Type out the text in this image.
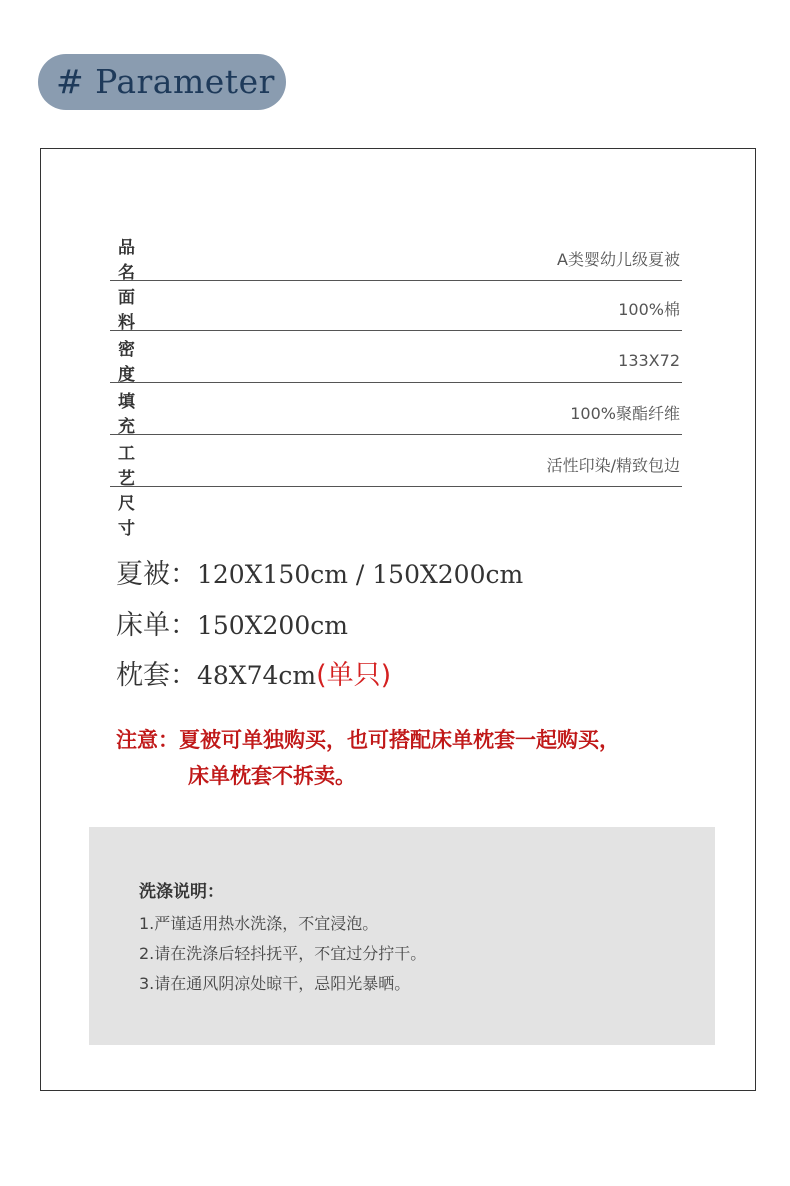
# Parameter
品名
A类婴幼儿级夏被
面料
100%棉
密度
133X72
填充
100%聚酯纤维
工艺
活性印染/精致包边
尺寸
夏被：120X150cm / 150X200cm
床单：150X200cm
枕套：48X74cm(单只)
注意：夏被可单独购买，也可搭配床单枕套一起购买，
床单枕套不拆卖。
洗涤说明：
1.严谨适用热水洗涤，不宜浸泡。
2.请在洗涤后轻抖抚平，不宜过分拧干。
3.请在通风阴凉处晾干，忌阳光暴晒。
